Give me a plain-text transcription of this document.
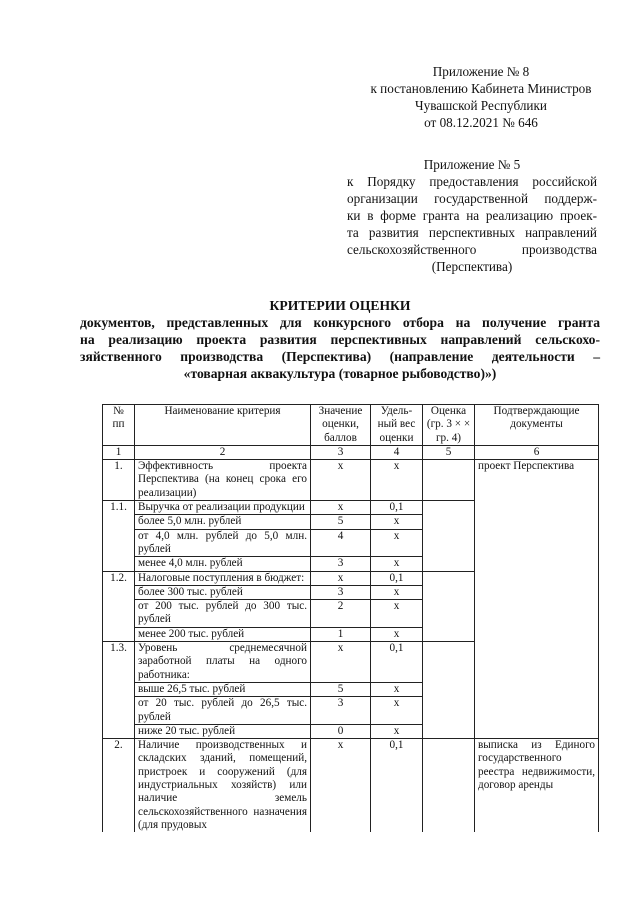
Приложение № 8
к постановлению Кабинета Министров
Чувашской Республики
от 08.12.2021 № 646
Приложение № 5
к Порядку предоставления российской
организации государственной поддерж-
ки в форме гранта на реализацию проек-
та развития перспективных направлений
сельскохозяйственного производства
(Перспектива)
КРИТЕРИИ ОЦЕНКИ
документов, представленных для конкурсного отбора на получение гранта
на реализацию проекта развития перспективных направлений сельскохо-
зяйственного производства (Перспектива) (направление деятельности –
«товарная аквакультура (товарное рыбоводство)»)
№ пп	Наименование критерия	Значение оценки, баллов	Удель-ный вес оценки	Оценка (гр. 3 × × гр. 4)	Подтверждающие документы
1	2	3	4	5	6
1.	Эффективность проекта Перспектива (на конец срока его реализации)	x	x		проект Перспектива
1.1.	Выручка от реализации продукции	x	0,1		
	более 5,0 млн. рублей	5	x		
	от 4,0 млн. рублей до 5,0 млн. рублей	4	x		
	менее 4,0 млн. рублей	3	x		
1.2.	Налоговые поступления в бюджет:	x	0,1		
	более 300 тыс. рублей	3	x		
	от 200 тыс. рублей до 300 тыс. рублей	2	x		
	менее 200 тыс. рублей	1	x		
1.3.	Уровень среднемесячной заработной платы на одного работника:	x	0,1		
	выше 26,5 тыс. рублей	5	x		
	от 20 тыс. рублей до 26,5 тыс. рублей	3	x		
	ниже 20 тыс. рублей	0	x		
2.	Наличие производственных и складских зданий, помещений, пристроек и сооружений (для индустриальных хозяйств) или наличие земель сельскохозяйственного назначения (для прудовых	x	0,1		выписка из Единого государственного реестра недвижимости, договор аренды
